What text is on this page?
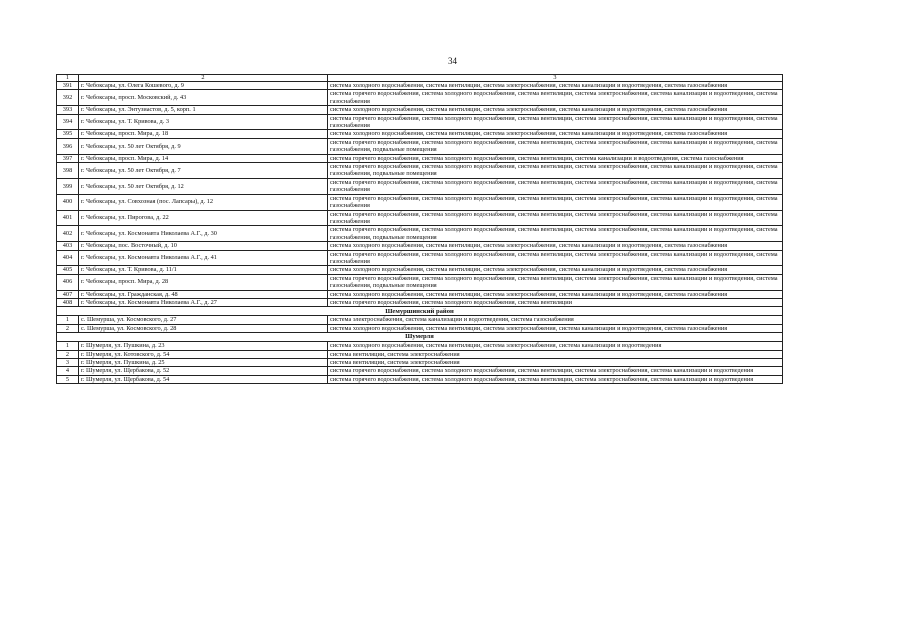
34
1	2	3
391	г. Чебоксары, ул. Олега Кошевого, д. 9	система холодного водоснабжения, система вентиляции, система электроснабжения, система канализации и водоотведения, система газоснабжения
392	г. Чебоксары, просп. Московский, д. 43	система горячего водоснабжения, система холодного водоснабжения, система вентиляции, система электроснабжения, система канализации и водоотведения, система газоснабжения
393	г. Чебоксары, ул. Энтузиастов, д. 5, корп. 1	система холодного водоснабжения, система вентиляции, система электроснабжения, система канализации и водоотведения, система газоснабжения
394	г. Чебоксары, ул. Т. Кривова, д. 3	система горячего водоснабжения, система холодного водоснабжения, система вентиляции, система электроснабжения, система канализации и водоотведения, система газоснабжения
395	г. Чебоксары, просп. Мира, д. 18	система холодного водоснабжения, система вентиляции, система электроснабжения, система канализации и водоотведения, система газоснабжения
396	г. Чебоксары, ул. 50 лет Октября, д. 9	система горячего водоснабжения, система холодного водоснабжения, система вентиляции, система электроснабжения, система канализации и водоотведения, система газоснабжения, подвальные помещения
397	г. Чебоксары, просп. Мира, д. 14	система горячего водоснабжения, система холодного водоснабжения, система вентиляции, система канализации и водоотведения, система газоснабжения
398	г. Чебоксары, ул. 50 лет Октября, д. 7	система горячего водоснабжения, система холодного водоснабжения, система вентиляции, система электроснабжения, система канализации и водоотведения, система газоснабжения, подвальные помещения
399	г. Чебоксары, ул. 50 лет Октября, д. 12	система горячего водоснабжения, система холодного водоснабжения, система вентиляции, система электроснабжения, система канализации и водоотведения, система газоснабжения
400	г. Чебоксары, ул. Совхозная (пос. Лапсары), д. 12	система горячего водоснабжения, система холодного водоснабжения, система вентиляции, система электроснабжения, система канализации и водоотведения, система газоснабжения
401	г. Чебоксары, ул. Пирогова, д. 22	система горячего водоснабжения, система холодного водоснабжения, система вентиляции, система электроснабжения, система канализации и водоотведения, система газоснабжения
402	г. Чебоксары, ул. Космонавта Николаева А.Г., д. 30	система горячего водоснабжения, система холодного водоснабжения, система вентиляции, система электроснабжения, система канализации и водоотведения, система газоснабжения, подвальные помещения
403	г. Чебоксары, пос. Восточный, д. 10	система холодного водоснабжения, система вентиляции, система электроснабжения, система канализации и водоотведения, система газоснабжения
404	г. Чебоксары, ул. Космонавта Николаева А.Г., д. 41	система горячего водоснабжения, система холодного водоснабжения, система вентиляции, система электроснабжения, система канализации и водоотведения, система газоснабжения
405	г. Чебоксары, ул. Т. Кривова, д. 11/1	система холодного водоснабжения, система вентиляции, система электроснабжения, система канализации и водоотведения, система газоснабжения
406	г. Чебоксары, просп. Мира, д. 28	система горячего водоснабжения, система холодного водоснабжения, система вентиляции, система электроснабжения, система канализации и водоотведения, система газоснабжения, подвальные помещения
407	г. Чебоксары, ул. Гражданская, д. 48	система холодного водоснабжения, система вентиляции, система электроснабжения, система канализации и водоотведения, система газоснабжения
408	г. Чебоксары, ул. Космонавта Николаева А.Г., д. 27	система горячего водоснабжения, система холодного водоснабжения, система вентиляции
Шемуршинский район		
1	с. Шемурша, ул. Космовского, д. 27	система электроснабжения, система канализации и водоотведения, система газоснабжения
2	с. Шемурша, ул. Космовского, д. 28	система холодного водоснабжения, система вентиляции, система электроснабжения, система канализации и водоотведения, система газоснабжения
Шумерля		
1	г. Шумерля, ул. Пушкина, д. 23	система холодного водоснабжения, система вентиляции, система электроснабжения, система канализации и водоотведения
2	г. Шумерля, ул. Котовского, д. 54	система вентиляции, система электроснабжения
3	г. Шумерля, ул. Пушкина, д. 25	система вентиляции, система электроснабжения
4	г. Шумерля, ул. Щербакова, д. 52	система горячего водоснабжения, система холодного водоснабжения, система вентиляции, система электроснабжения, система канализации и водоотведения
5	г. Шумерля, ул. Щербакова, д. 54	система горячего водоснабжения, система холодного водоснабжения, система вентиляции, система электроснабжения, система канализации и водоотведения
